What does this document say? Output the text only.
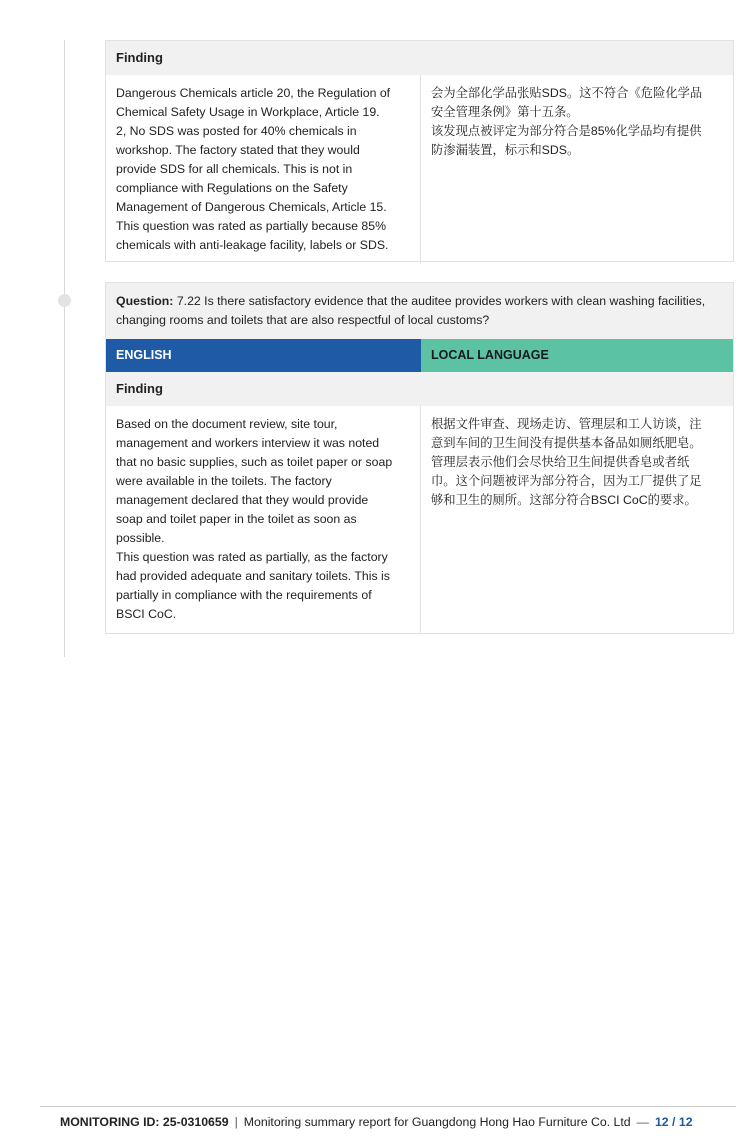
Finding

Dangerous Chemicals article 20, the Regulation of
Chemical Safety Usage in Workplace, Article 19.
2, No SDS was posted for 40% chemicals in
workshop. The factory stated that they would
provide SDS for all chemicals. This is not in
compliance with Regulations on the Safety
Management of Dangerous Chemicals, Article 15.
This question was rated as partially because 85%
chemicals with anti-leakage facility, labels or SDS.

会为全部化学品张贴SDS。这不符合《危险化学品
安全管理条例》第十五条。
该发现点被评定为部分符合是85%化学品均有提供
防渗漏装置，标示和SDS。
Question: 7.22 Is there satisfactory evidence that the auditee provides workers with clean washing facilities, changing rooms and toilets that are also respectful of local customs?
ENGLISH	LOCAL LANGUAGE
Finding

Based on the document review, site tour,
management and workers interview it was noted
that no basic supplies, such as toilet paper or soap
were available in the toilets. The factory
management declared that they would provide
soap and toilet paper in the toilet as soon as
possible.
This question was rated as partially, as the factory
had provided adequate and sanitary toilets. This is
partially in compliance with the requirements of
BSCI CoC.

根据文件审查、现场走访、管理层和工人访谈，注
意到车间的卫生间没有提供基本备品如厕纸肥皂。
管理层表示他们会尽快给卫生间提供香皂或者纸
巾。这个问题被评为部分符合，因为工厂提供了足
够和卫生的厕所。这部分符合BSCI CoC的要求。
MONITORING ID: 25-0310659 | Monitoring summary report for Guangdong Hong Hao Furniture Co. Ltd — 12 / 12
